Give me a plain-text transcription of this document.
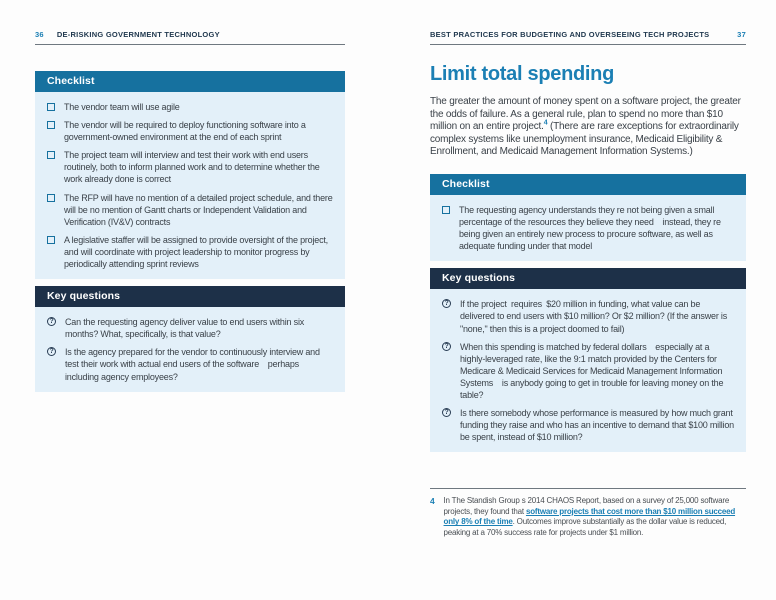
36 DE-RISKING GOVERNMENT TECHNOLOGY
Checklist
The vendor team will use agile
The vendor will be required to deploy functioning software into a government-owned environment at the end of each sprint
The project team will interview and test their work with end users routinely, both to inform planned work and to determine whether the work already done is correct
The RFP will have no mention of a detailed project schedule, and there will be no mention of Gantt charts or Independent Validation and Verification (IV&V) contracts
A legislative staffer will be assigned to provide oversight of the project, and will coordinate with project leadership to monitor progress by periodically attending sprint reviews
Key questions
? Can the requesting agency deliver value to end users within six months? What, specifically, is that value?
? Is the agency prepared for the vendor to continuously interview and test their work with actual end users of the software perhaps including agency employees?
BEST PRACTICES FOR BUDGETING AND OVERSEEING TECH PROJECTS	37
Limit total spending

The greater the amount of money spent on a software project, the greater the odds of failure. As a general rule, plan to spend no more than $10 million on an entire project.$^4$ (There are rare exceptions for extraordinarily complex systems like unemployment insurance, Medicaid Eligibility & Enrollment, and Medicaid Management Information Systems.)

Checklist
The requesting agency understands they re not being given a small percentage of the resources they believe they need instead, they re being given an entirely new process to procure software, as well as adequate funding under that model
Key questions
? If the project requires $20 million in funding, what value can be delivered to end users with $10 million? Or $2 million? (If the answer is "none," then this is a project doomed to fail)
? When this spending is matched by federal dollars especially at a highly-leveraged rate, like the 9:1 match provided by the Centers for Medicare & Medicaid Services for Medicaid Management Information Systems is anybody going to get in trouble for leaving money on the table?
? Is there somebody whose performance is measured by how much grant funding they raise and who has an incentive to demand that $100 million be spent, instead of $10 million?
4 In The Standish Group s 2014 CHAOS Report, based on a survey of 25,000 software projects, they found that software projects that cost more than $10 million succeed only 8% of the time. Outcomes improve substantially as the dollar value is reduced, peaking at a 70% success rate for projects under $1 million.
